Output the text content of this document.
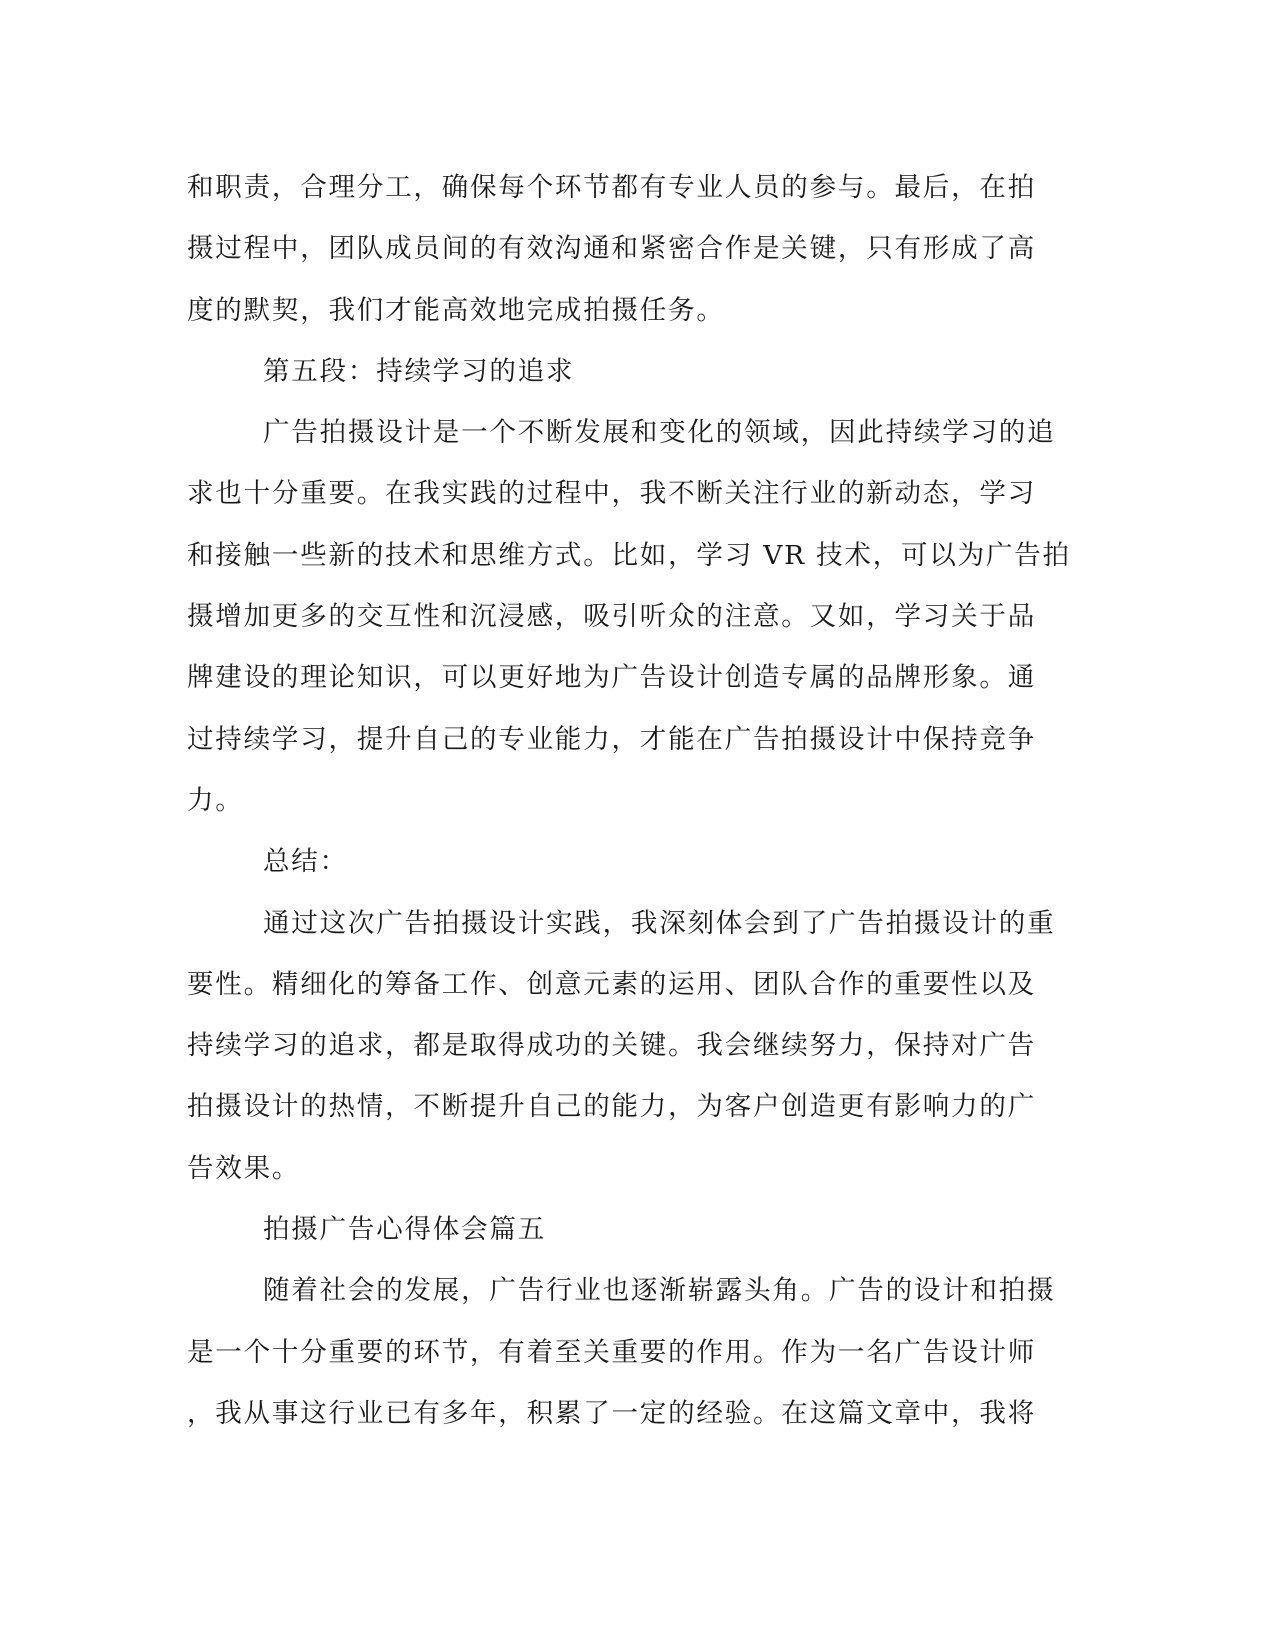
和职责，合理分工，确保每个环节都有专业人员的参与。最后，在拍
摄过程中，团队成员间的有效沟通和紧密合作是关键，只有形成了高
度的默契，我们才能高效地完成拍摄任务。
第五段：持续学习的追求
广告拍摄设计是一个不断发展和变化的领域，因此持续学习的追
求也十分重要。在我实践的过程中，我不断关注行业的新动态，学习
和接触一些新的技术和思维方式。比如，学习 VR 技术，可以为广告拍
摄增加更多的交互性和沉浸感，吸引听众的注意。又如，学习关于品
牌建设的理论知识，可以更好地为广告设计创造专属的品牌形象。通
过持续学习，提升自己的专业能力，才能在广告拍摄设计中保持竞争
力。
总结：
通过这次广告拍摄设计实践，我深刻体会到了广告拍摄设计的重
要性。精细化的筹备工作、创意元素的运用、团队合作的重要性以及
持续学习的追求，都是取得成功的关键。我会继续努力，保持对广告
拍摄设计的热情，不断提升自己的能力，为客户创造更有影响力的广
告效果。
拍摄广告心得体会篇五
随着社会的发展，广告行业也逐渐崭露头角。广告的设计和拍摄
是一个十分重要的环节，有着至关重要的作用。作为一名广告设计师
，我从事这行业已有多年，积累了一定的经验。在这篇文章中，我将
